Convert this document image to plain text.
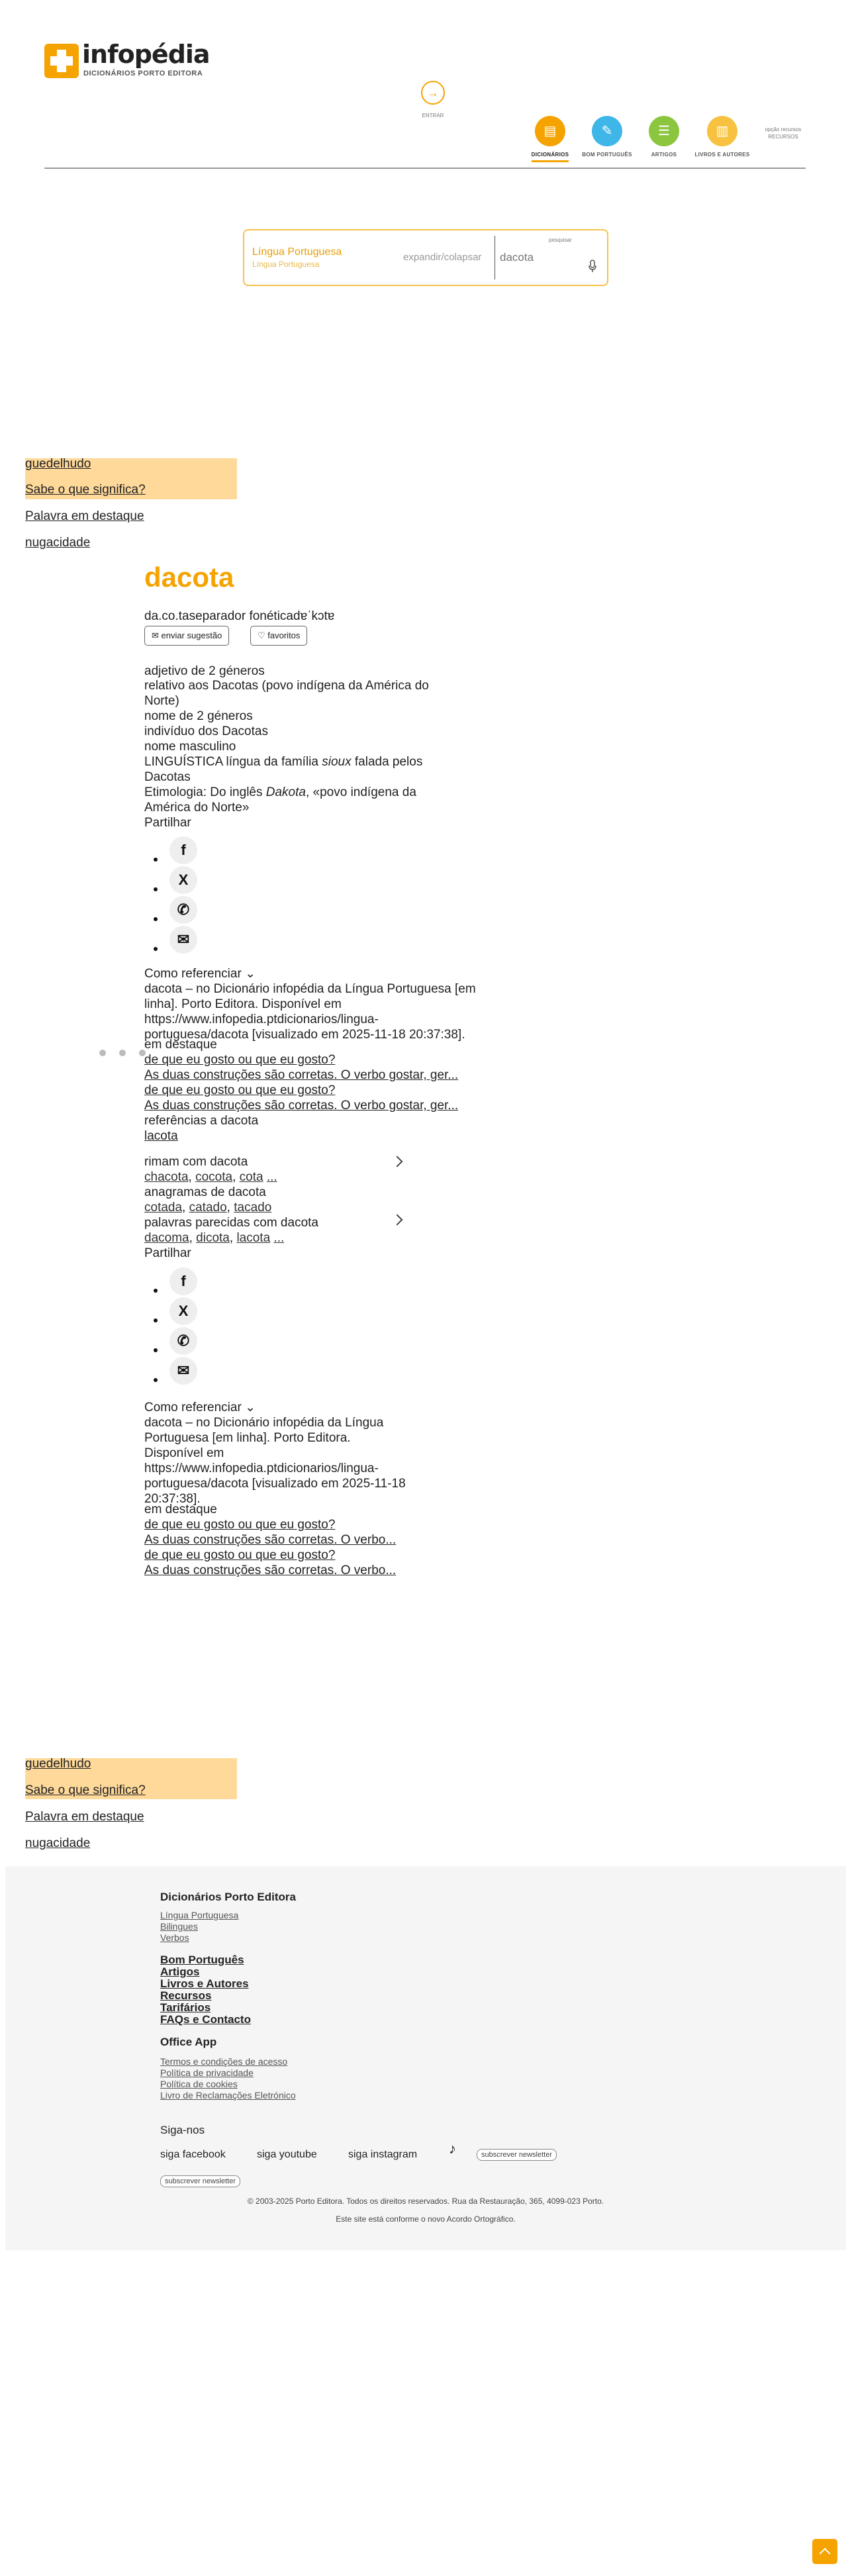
infopédia
DICIONÁRIOS PORTO EDITORA
→
ENTRAR
▤
DICIONÁRIOS
✎
BOM PORTUGUÊS
☰
ARTIGOS
▥
LIVROS E AUTORES
opção recursos
RECURSOS
Língua Portuguesa
Língua Portuguesa
expandir/colapsar
dacota
pesquisar
guedelhudo
Sabe o que significa?
Palavra em destaque
nugacidade
dacota
da.co.taseparador fonéticadɐˈkɔtɐ
✉ enviar sugestão	♡ favoritos
adjetivo de 2 géneros
relativo aos Dacotas (povo indígena da América do Norte)
nome de 2 géneros
indivíduo dos Dacotas
nome masculino
LINGUÍSTICA língua da família sioux falada pelos Dacotas
Etimologia: Do inglês Dakota, «povo indígena da América do Norte»
Partilhar
f
X
✆
✉
Como referenciar ⌄
dacota – no Dicionário infopédia da Língua Portuguesa [em linha]. Porto Editora. Disponível em https://www.infopedia.ptdicionarios/lingua-portuguesa/dacota [visualizado em 2025-11-18 20:37:38].
em destaque
de que eu gosto ou que eu gosto?
As duas construções são corretas. O verbo gostar, ger...
de que eu gosto ou que eu gosto?
As duas construções são corretas. O verbo gostar, ger...
referências a dacota
lacota
rimam com dacota
chacota, cocota, cota ...
anagramas de dacota
cotada, catado, tacado
palavras parecidas com dacota
dacoma, dicota, lacota ...
Partilhar
f
X
✆
✉
Como referenciar ⌄
dacota – no Dicionário infopédia da Língua Portuguesa [em linha]. Porto Editora. Disponível em https://www.infopedia.ptdicionarios/lingua-portuguesa/dacota [visualizado em 2025-11-18 20:37:38].
em destaque
de que eu gosto ou que eu gosto?
As duas construções são corretas. O verbo...
de que eu gosto ou que eu gosto?
As duas construções são corretas. O verbo...
guedelhudo
Sabe o que significa?
Palavra em destaque
nugacidade
Dicionários Porto Editora
Língua Portuguesa
Bilingues
Verbos
Bom Português
Artigos
Livros e Autores
Recursos
Tarifários
FAQs e Contacto
Office App
Termos e condições de acesso
Política de privacidade
Política de cookies
Livro de Reclamações Eletrónico
Siga-nos
siga facebook	siga youtube	siga instagram ♪	subscrever newsletter
subscrever newsletter
© 2003-2025 Porto Editora. Todos os direitos reservados. Rua da Restauração, 365, 4099-023 Porto.
Este site está conforme o novo Acordo Ortográfico.
